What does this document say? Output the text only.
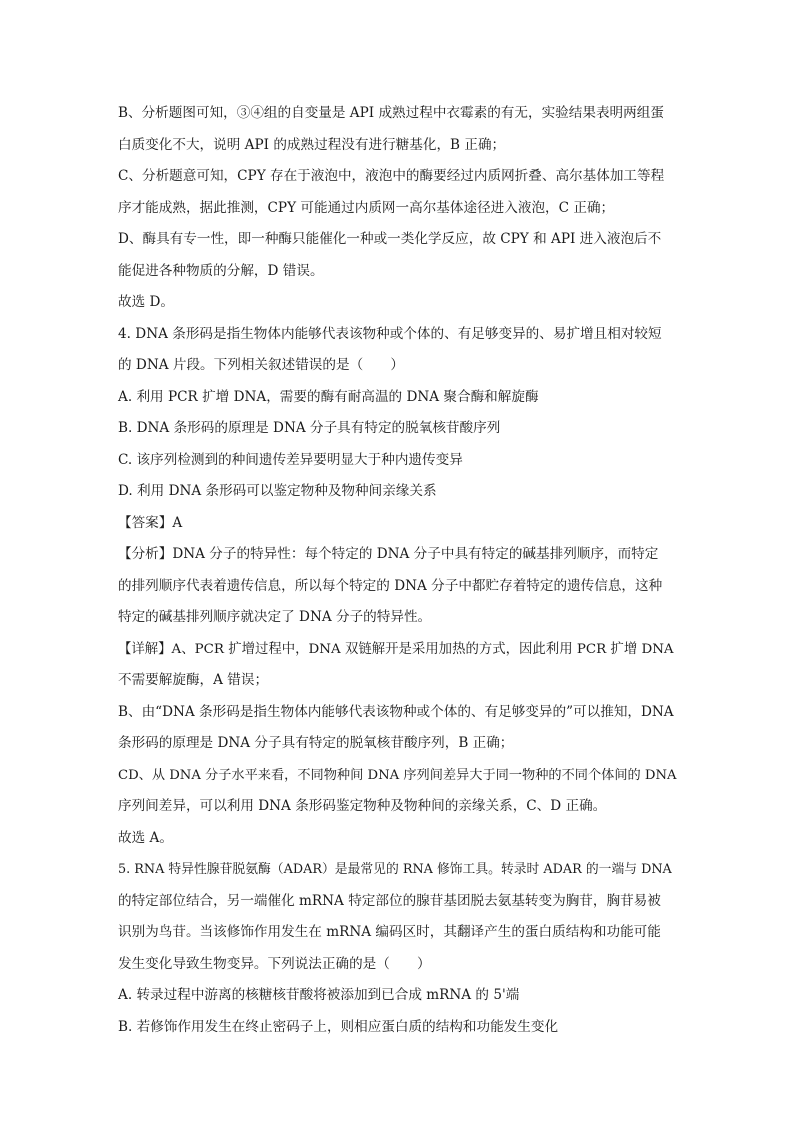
B、分析题图可知，③④组的自变量是 API 成熟过程中衣霉素的有无，实验结果表明两组蛋
白质变化不大，说明 API 的成熟过程没有进行糖基化，B 正确；
C、分析题意可知，CPY 存在于液泡中，液泡中的酶要经过内质网折叠、高尔基体加工等程
序才能成熟，据此推测，CPY 可能通过内质网一高尔基体途径进入液泡，C 正确；
D、酶具有专一性，即一种酶只能催化一种或一类化学反应，故 CPY 和 API 进入液泡后不
能促进各种物质的分解，D 错误。
故选 D。
4. DNA 条形码是指生物体内能够代表该物种或个体的、有足够变异的、易扩增且相对较短
的 DNA 片段。下列相关叙述错误的是（　　）
A. 利用 PCR 扩增 DNA，需要的酶有耐高温的 DNA 聚合酶和解旋酶
B. DNA 条形码的原理是 DNA 分子具有特定的脱氧核苷酸序列
C. 该序列检测到的种间遗传差异要明显大于种内遗传变异
D. 利用 DNA 条形码可以鉴定物种及物种间亲缘关系
【答案】A
【分析】DNA 分子的特异性：每个特定的 DNA 分子中具有特定的碱基排列顺序，而特定
的排列顺序代表着遗传信息，所以每个特定的 DNA 分子中都贮存着特定的遗传信息，这种
特定的碱基排列顺序就决定了 DNA 分子的特异性。
【详解】A、PCR 扩增过程中，DNA 双链解开是采用加热的方式，因此利用 PCR 扩增 DNA
不需要解旋酶，A 错误；
B、由“DNA 条形码是指生物体内能够代表该物种或个体的、有足够变异的”可以推知，DNA
条形码的原理是 DNA 分子具有特定的脱氧核苷酸序列，B 正确；
CD、从 DNA 分子水平来看，不同物种间 DNA 序列间差异大于同一物种的不同个体间的 DNA
序列间差异，可以利用 DNA 条形码鉴定物种及物种间的亲缘关系，C、D 正确。
故选 A。
5. RNA 特异性腺苷脱氨酶（ADAR）是最常见的 RNA 修饰工具。转录时 ADAR 的一端与 DNA
的特定部位结合，另一端催化 mRNA 特定部位的腺苷基团脱去氨基转变为胸苷，胸苷易被
识别为鸟苷。当该修饰作用发生在 mRNA 编码区时，其翻译产生的蛋白质结构和功能可能
发生变化导致生物变异。下列说法正确的是（　　）
A. 转录过程中游离的核糖核苷酸将被添加到已合成 mRNA 的 5'端
B. 若修饰作用发生在终止密码子上，则相应蛋白质的结构和功能发生变化
